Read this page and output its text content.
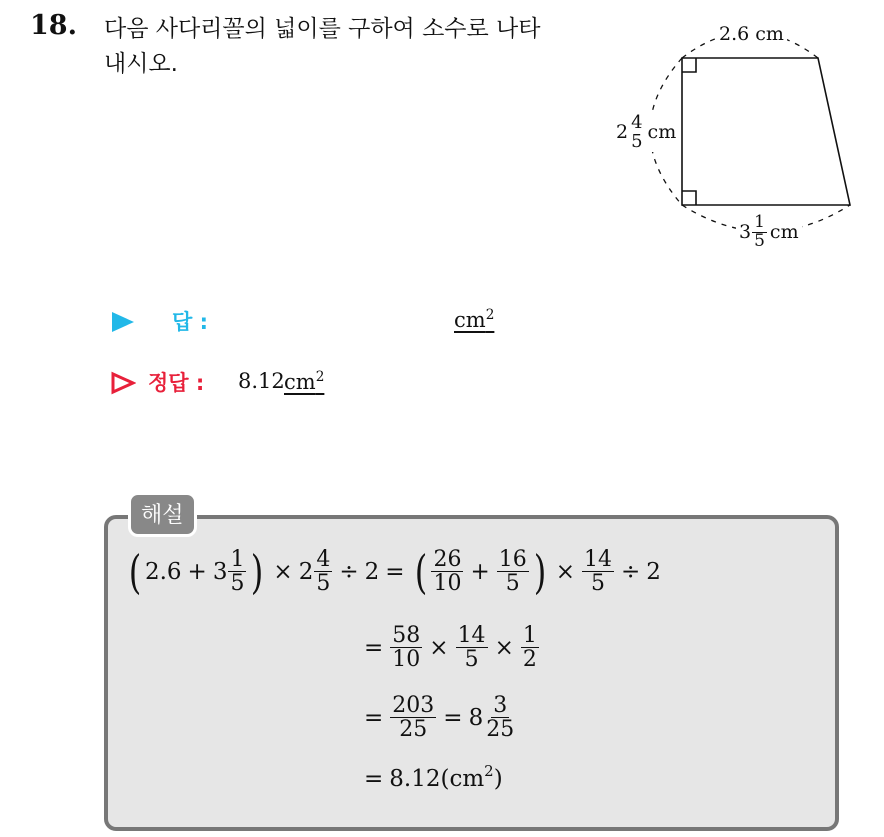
18. 다음 사다리꼴의 넓이를 구하여 소수로 나타
내시오.
2.6 cm
2 4
5 cm
$3 \frac{1}{5}$ cm
답 :	$cm^2$
정답 : 8.12 $cm^2$
해설
( $2.6 + 3 \frac{1}{5}$ ) × $2 \frac{4}{5} \div 2$ = ( $\frac{26}{10} + \frac{16}{5}$ ) × $\frac{14}{5} \div 2$
= $\frac{58}{10} \times \frac{14}{5} \times \frac{1}{2}$
= $\frac{203}{25} = 8 \frac{3}{25}$
= 8.12 ($cm^2$ )
